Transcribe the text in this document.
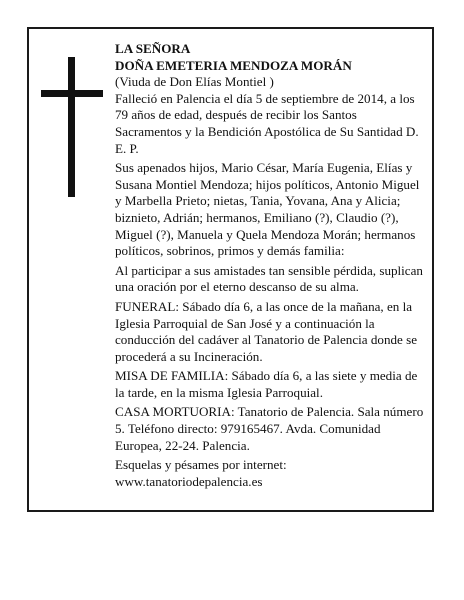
LA SEÑORA

DOÑA EMETERIA MENDOZA MORÁN

(Viuda de Don Elías Montiel )

Falleció en Palencia el día 5 de septiembre de 2014, a los 79 años de edad, después de recibir los Santos Sacramentos y la Bendición Apostólica de Su Santidad D. E. P.

Sus apenados hijos, Mario César, María Eugenia, Elías y Susana Montiel Mendoza; hijos políticos, Antonio Miguel y Marbella Prieto; nietas, Tania, Yovana, Ana y Alicia; biznieto, Adrián; hermanos, Emiliano (?), Claudio (?), Miguel (?), Manuela y Quela Mendoza Morán; hermanos políticos, sobrinos, primos y demás familia:

Al participar a sus amistades tan sensible pérdida, suplican una oración por el eterno descanso de su alma.

FUNERAL: Sábado día 6, a las once de la mañana, en la Iglesia Parroquial de San José y a continuación la conducción del cadáver al Tanatorio de Palencia donde se procederá a su Incineración.

MISA DE FAMILIA: Sábado día 6, a las siete y media de la tarde, en la misma Iglesia Parroquial.

CASA MORTUORIA: Tanatorio de Palencia. Sala número 5. Teléfono directo: 979165467. Avda. Comunidad Europea, 22-24. Palencia.

Esquelas y pésames por internet:

www.tanatoriodepalencia.es
